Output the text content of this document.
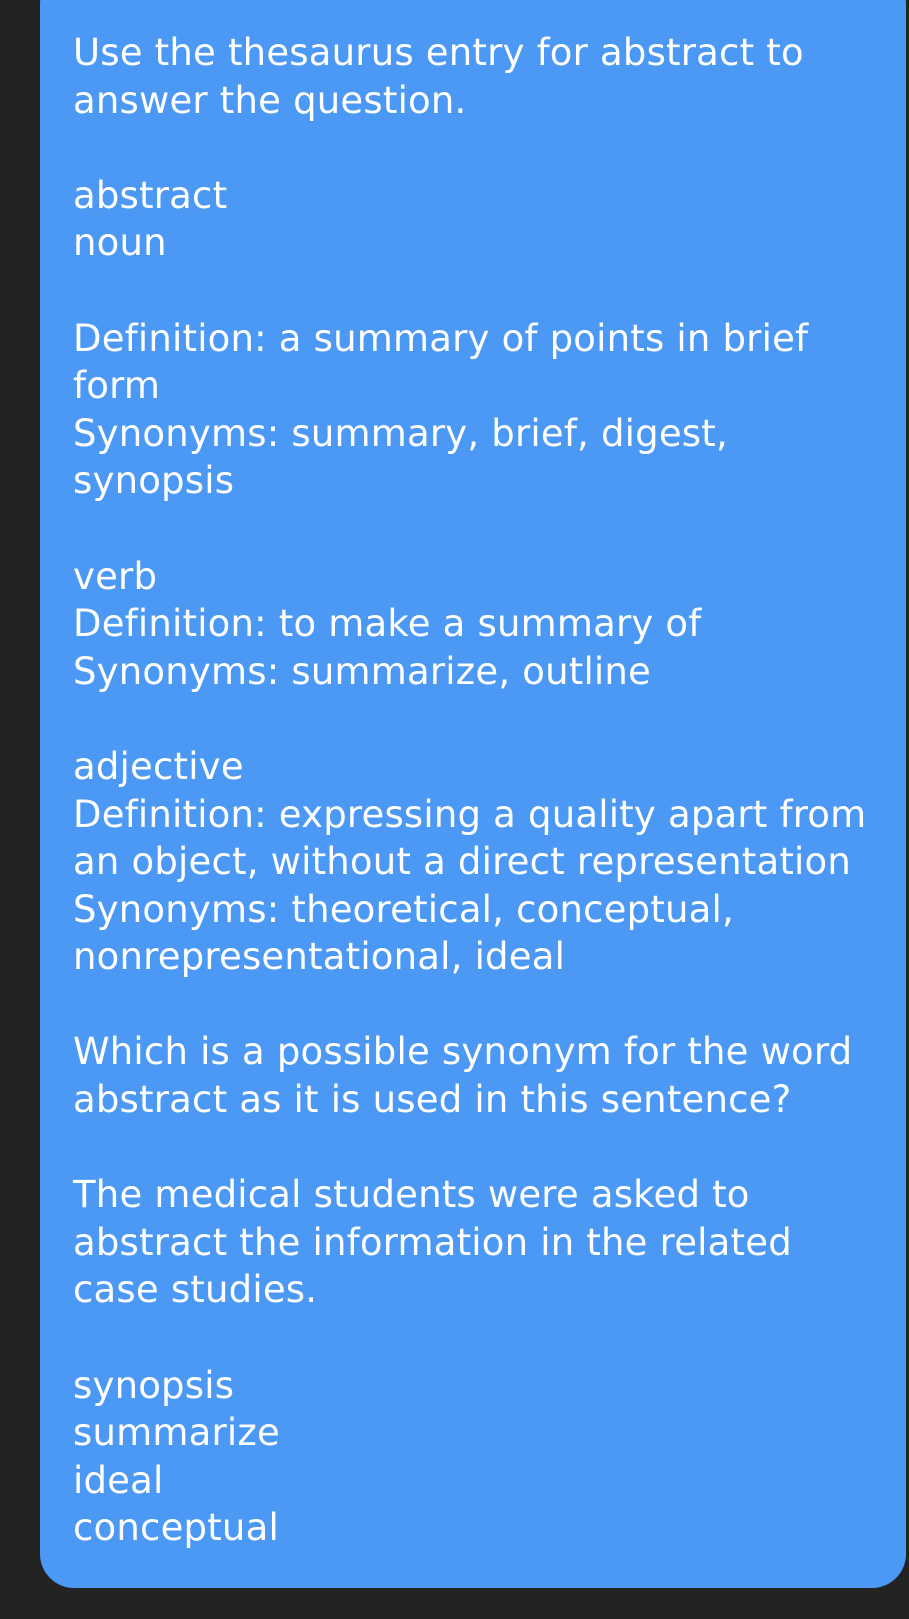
Use the thesaurus entry for abstract to
answer the question.
abstract
noun
Definition: a summary of points in brief
form
Synonyms: summary, brief, digest,
synopsis
verb
Definition: to make a summary of
Synonyms: summarize, outline
adjective
Definition: expressing a quality apart from
an object, without a direct representation
Synonyms: theoretical, conceptual,
nonrepresentational, ideal
Which is a possible synonym for the word
abstract as it is used in this sentence?
The medical students were asked to
abstract the information in the related
case studies.
synopsis
summarize
ideal
conceptual
